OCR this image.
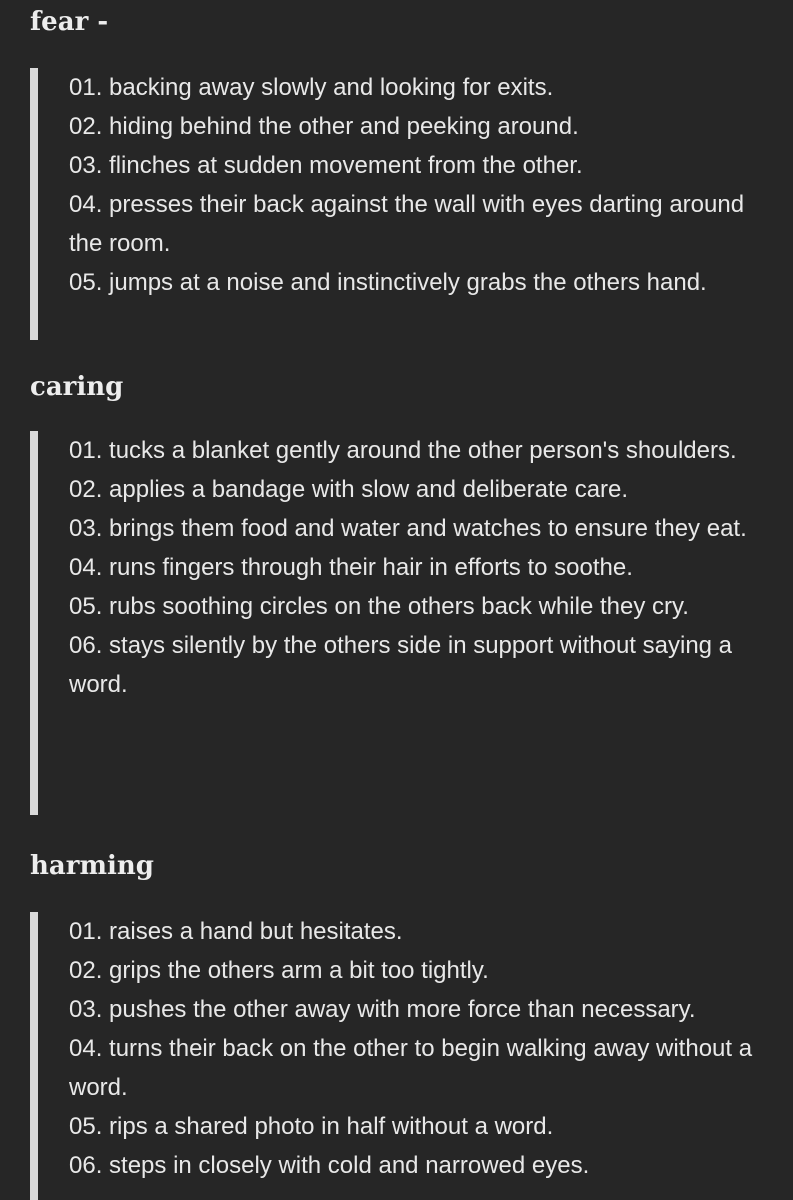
fear -
01. backing away slowly and looking for exits.
02. hiding behind the other and peeking around.
03. flinches at sudden movement from the other.
04. presses their back against the wall with eyes darting around the room.
05. jumps at a noise and instinctively grabs the others hand.
caring
01. tucks a blanket gently around the other person's shoulders.
02. applies a bandage with slow and deliberate care.
03. brings them food and water and watches to ensure they eat.
04. runs fingers through their hair in efforts to soothe.
05. rubs soothing circles on the others back while they cry.
06. stays silently by the others side in support without saying a word.
harming
01. raises a hand but hesitates.
02. grips the others arm a bit too tightly.
03. pushes the other away with more force than necessary.
04. turns their back on the other to begin walking away without a word.
05. rips a shared photo in half without a word.
06. steps in closely with cold and narrowed eyes.
